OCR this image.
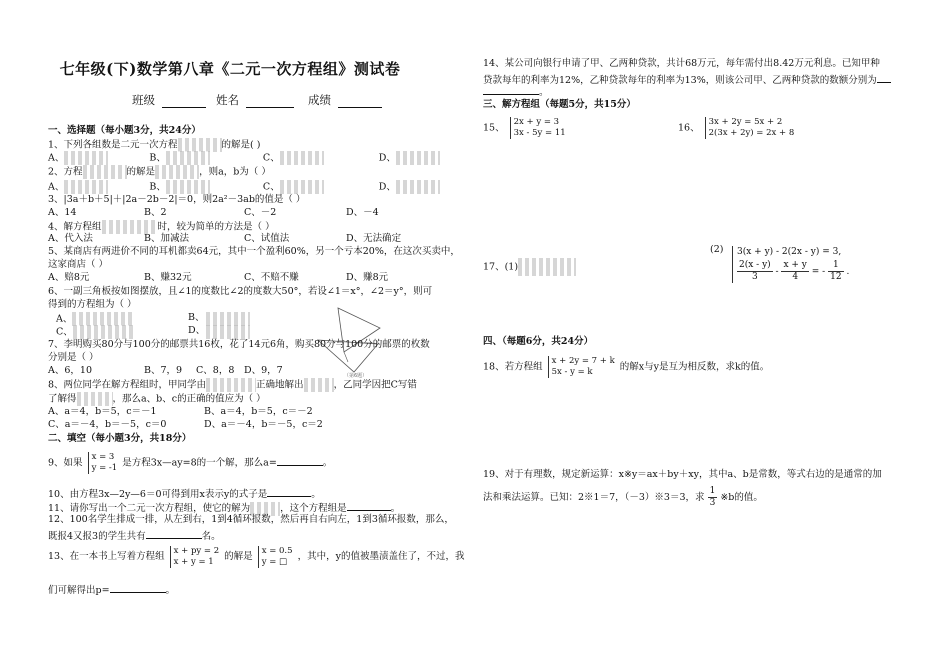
七年级(下)数学第八章《二元一次方程组》测试卷
班级	姓名	成绩
一、选择题（每小题3分，共24分）
1、下列各组数是二元一次方程	的解是( )
A、	B、	C、	D、
2、方程	的解是	，则a，b为（ ）
A、	B、	C、	D、
3、|3a＋b＋5|＋|2a－2b－2|＝0，则2a²－3ab的值是（ ）
A、14	B、2	C、－2	D、－4
4、解方程组	时，较为简单的方法是（ ）
A、代入法	B、加减法	C、试值法	D、无法确定
5、某商店有两进价不同的耳机都卖64元，其中一个盈利60%，另一个亏本20%，在这次买卖中，
这家商店（ ）
A、赔8元	B、赚32元	C、不赔不赚	D、赚8元
6、一副三角板按如图摆放，且∠1的度数比∠2的度数大50°，若设∠1＝x°，∠2＝y°，则可
得到的方程组为（ ）
A、	B、
C、	D、
（第6题）
7、李明购买80分与100分的邮票共16枚，花了14元6角，购买80分与100分的邮票的枚数
分别是（ ）
A、6，10	B、7，9 C、8，8 D、9，7
8、两位同学在解方程组时，甲同学由	正确地解出	，乙同学因把C写错
了解得	，那么a、b、c的正确的值应为（ ）
A、a＝4，b＝5，c＝－1	B、a＝4，b＝5，c＝－2
C、a＝－4，b＝－5，c＝0	D、a＝－4，b＝－5，c＝2
二、填空（每小题3分，共18分）
9、如果
x = 3
y = -1 是方程3x—ay=8的一个解，那么a=	。
10、由方程3x—2y—6＝0可得到用x表示y的式子是	。
11、请你写出一个二元一次方程组，使它的解为	，这个方程组是	。
12、100名学生排成一排，从左到右，1到4循环报数，然后再自右向左，1到3循环报数，那么，
既报4又报3的学生共有	名。
13、在一本书上写着方程组
x + py = 2
x + y = 1	的解是
x = 0.5
y = □	，其中，y的值被墨渍盖住了，不过，我
们可解得出p=	。
14、某公司向银行申请了甲、乙两种贷款，共计68万元，每年需付出8.42万元利息。已知甲种
贷款每年的利率为12%，乙种贷款每年的利率为13%，则该公司甲、乙两种贷款的数额分别为
。
三、解方程组（每题5分，共15分）
15、
2x + y = 3
3x - 5y = 11	16、
3x + 2y = 5x + 2
2(3x + 2y) = 2x + 8
17、(1)
(2) 3(x + y) - 2(2x - y) = 3,
$\frac{2(x - y)}{3} - \frac{x + y}{4}$ = - $\frac{1}{12}$ .
四、（每题6分，共24分）
18、若方程组
x + 2y = 7 + k
5x - y = k	的解x与y是互为相反数，求k的值。
19、对于有理数，规定新运算：x※y＝ax＋by＋xy，其中a、b是常数，等式右边的是通常的加
法和乘法运算。已知：2※1＝7，（－3）※3＝3，求 $\frac{1}{3}$ ※b的值。
